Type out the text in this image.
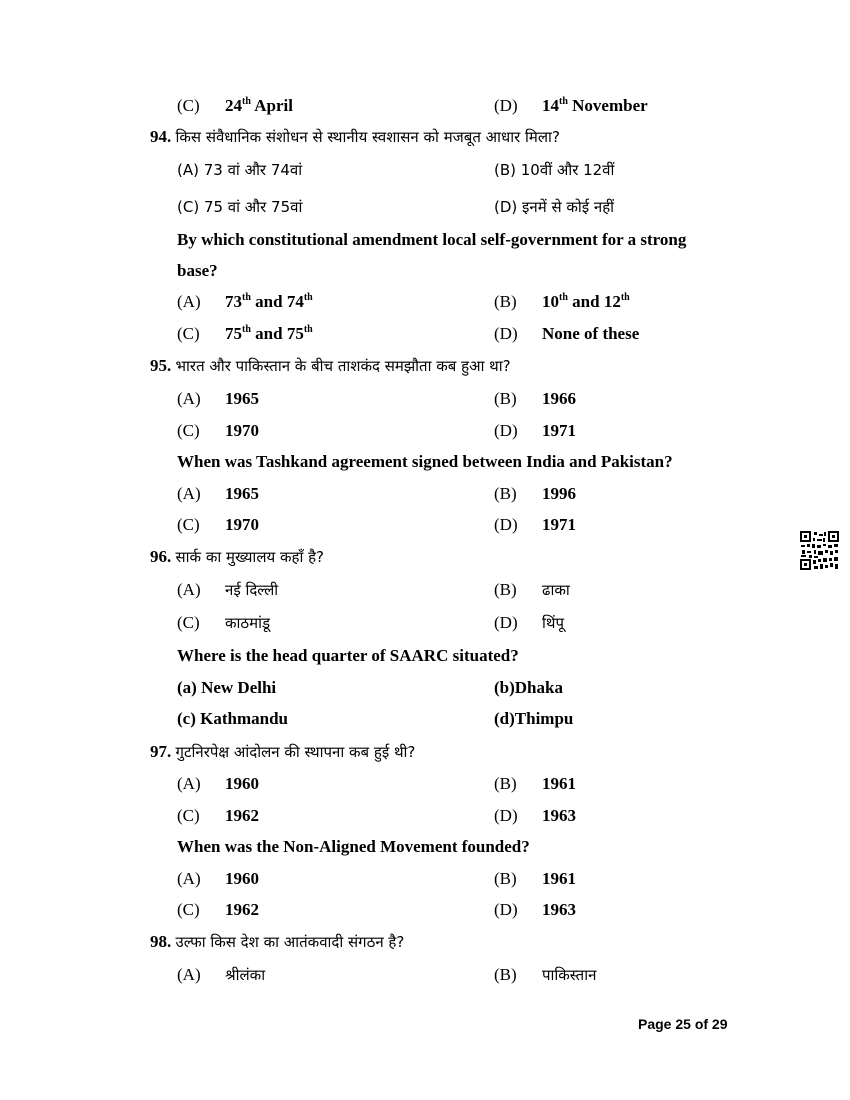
(C) 24th April	(D) 14th November
94. किस संवैधानिक संशोधन से स्थानीय स्वशासन को मजबूत आधार मिला?
(A) 73 वां और 74वां	(B) 10वीं और 12वीं
(C) 75 वां और 75वां	(D) इनमें से कोई नहीं
By which constitutional amendment local self-government for a strong
base?
(A) 73th and 74th	(B) 10th and 12th
(C) 75th and 75th	(D) None of these
95. भारत और पाकिस्तान के बीच ताशकंद समझौता कब हुआ था?
(A) 1965	(B) 1966
(C) 1970	(D) 1971
When was Tashkand agreement signed between India and Pakistan?
(A) 1965	(B) 1996
(C) 1970	(D) 1971
96. सार्क का मुख्यालय कहाँ है?
(A) नई दिल्ली	(B) ढाका
(C) काठमांडू	(D) थिंपू
Where is the head quarter of SAARC situated?
(a) New Delhi	(b)Dhaka
(c) Kathmandu	(d)Thimpu
97. गुटनिरपेक्ष आंदोलन की स्थापना कब हुई थी?
(A) 1960	(B) 1961
(C) 1962	(D) 1963
When was the Non-Aligned Movement founded?
(A) 1960	(B) 1961
(C) 1962	(D) 1963
98. उल्फा किस देश का आतंकवादी संगठन है?
(A) श्रीलंका	(B) पाकिस्तान
Page 25 of 29
